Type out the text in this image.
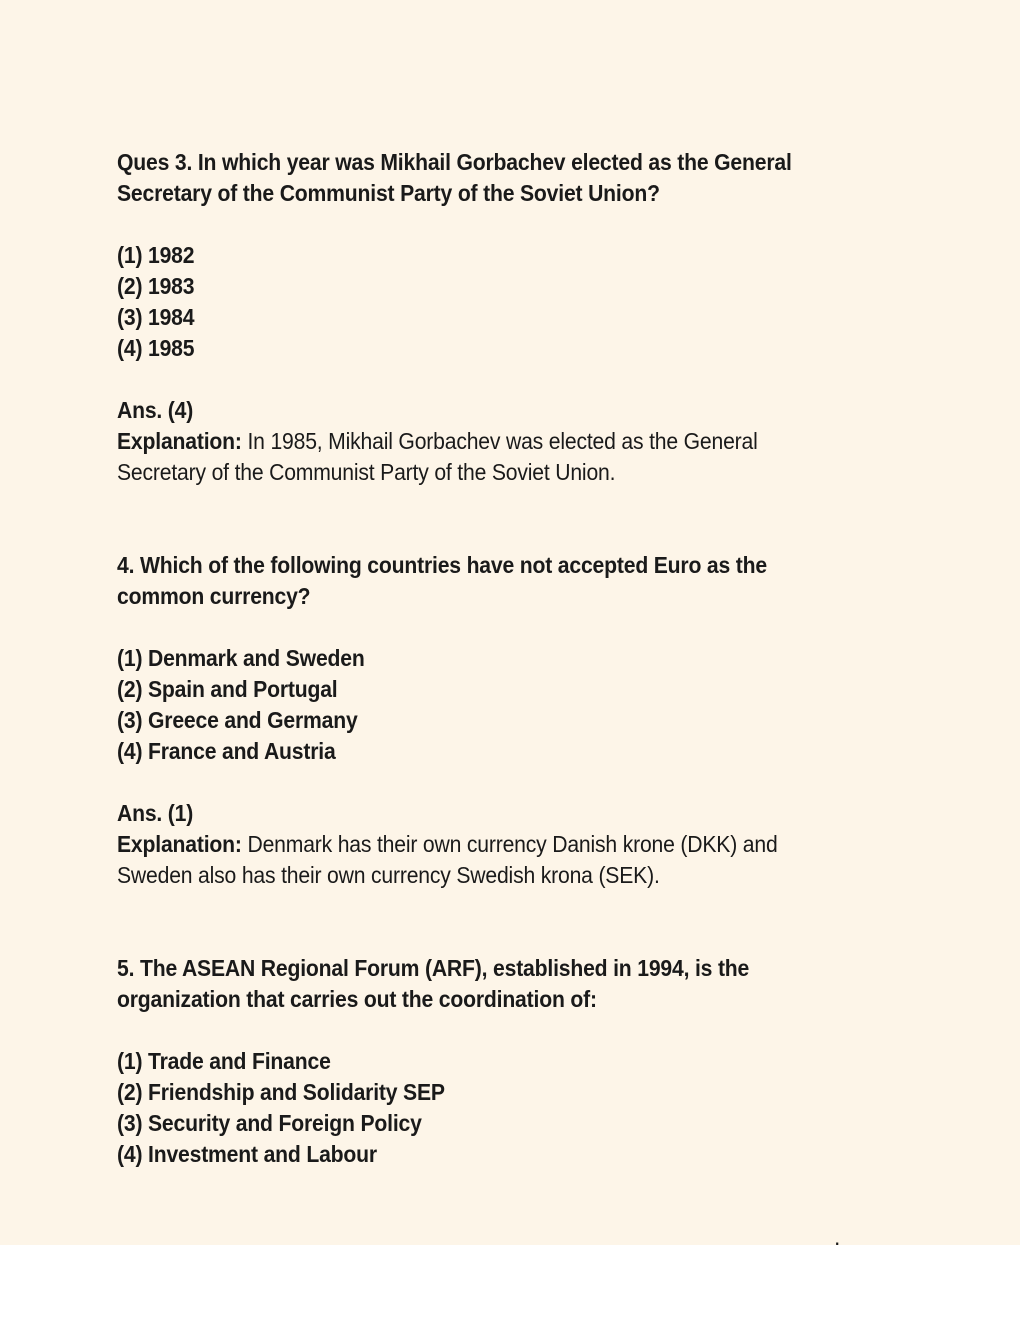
Ques 3. In which year was Mikhail Gorbachev elected as the General
Secretary of the Communist Party of the Soviet Union?
(1) 1982
(2) 1983
(3) 1984
(4) 1985
Ans. (4)
Explanation: In 1985, Mikhail Gorbachev was elected as the General
Secretary of the Communist Party of the Soviet Union.
4. Which of the following countries have not accepted Euro as the
common currency?
(1) Denmark and Sweden
(2) Spain and Portugal
(3) Greece and Germany
(4) France and Austria
Ans. (1)
Explanation: Denmark has their own currency Danish krone (DKK) and
Sweden also has their own currency Swedish krona (SEK).
5. The ASEAN Regional Forum (ARF), established in 1994, is the
organization that carries out the coordination of:
(1) Trade and Finance
(2) Friendship and Solidarity SEP
(3) Security and Foreign Policy
(4) Investment and Labour
.
